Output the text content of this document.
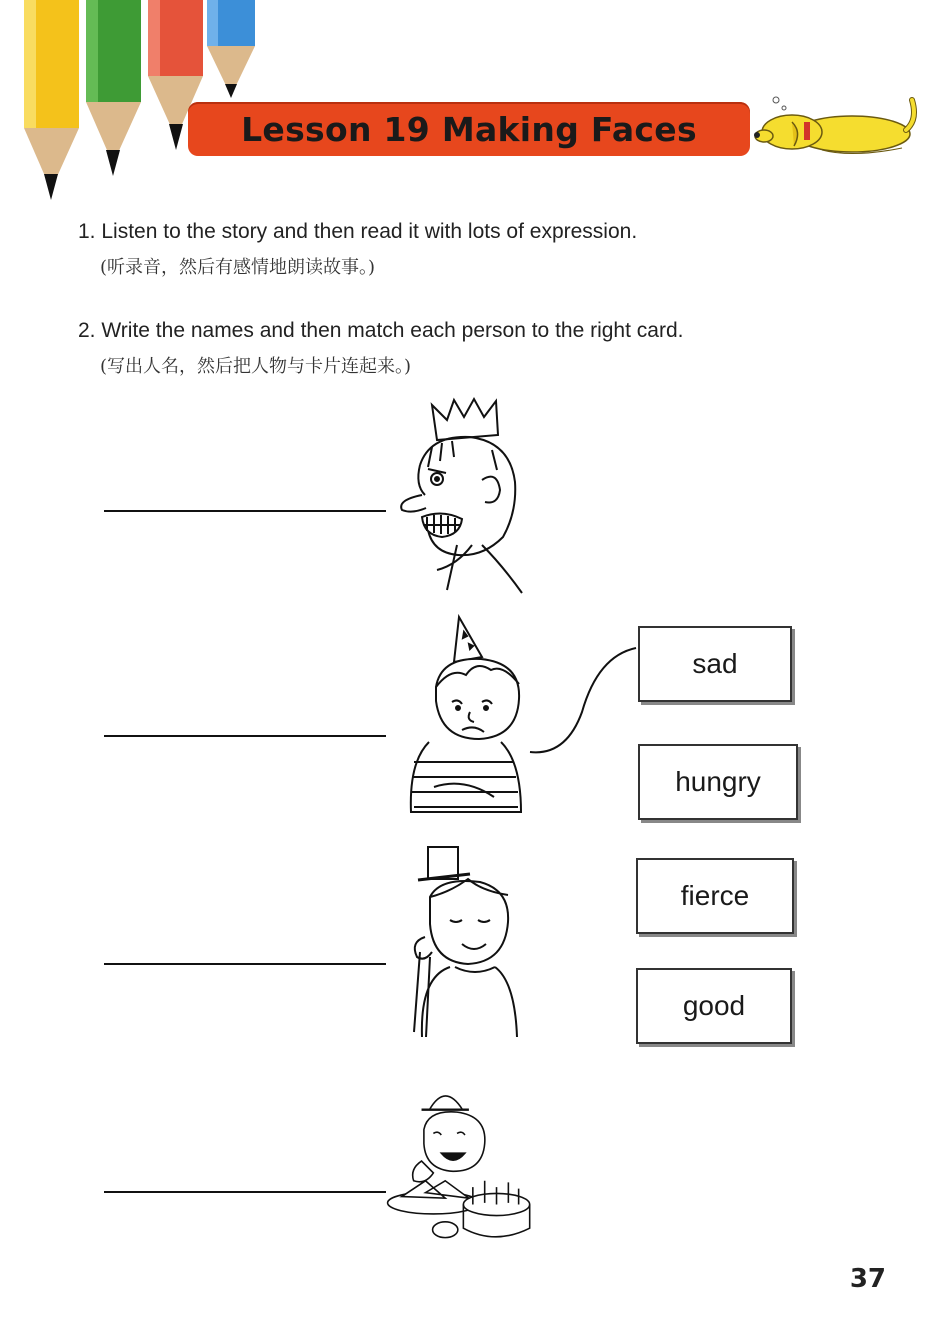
Lesson 19 Making Faces
1. Listen to the story and then read it with lots of expression.
(听录音，然后有感情地朗读故事。)
2. Write the names and then match each person to the right card.
(写出人名，然后把人物与卡片连起来。)
sad
hungry
fierce
good
37
